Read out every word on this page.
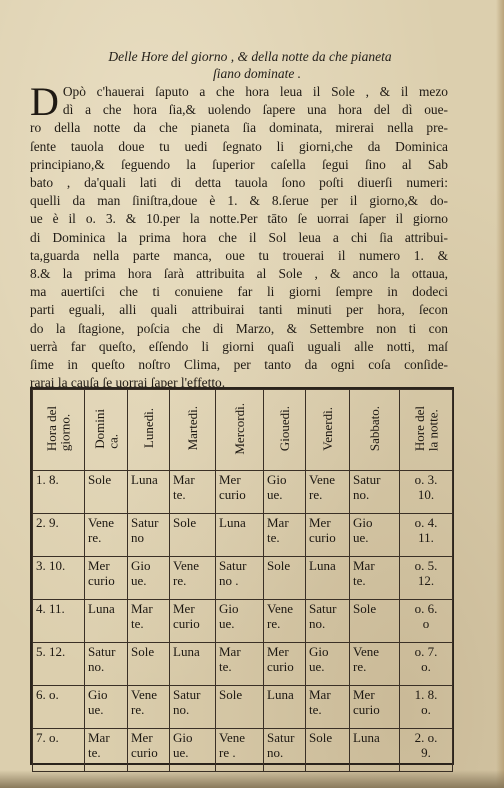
Delle Hore del giorno , & della notte da che pianeta

ſiano dominate .
D Opò c'hauerai ſaputo a che hora leua il Sole , & il mezo
dì a che hora ſia,& uolendo ſapere una hora del dì oue-
ro della notte da che pianeta ſia dominata, mirerai nella pre-
ſente tauola doue tu uedi ſegnato li giorni,che da Dominica
principiano,& ſeguendo la ſuperior caſella ſegui ſino al Sab
bato , da'quali lati di detta tauola ſono poſti diuerſi numeri:
quelli da man ſiniſtra,doue è 1. & 8.ſerue per il giorno,& do-
ue è il o. 3. & 10.per la notte.Per tāto ſe uorrai ſaper il giorno
di Dominica la prima hora che il Sol leua a chi ſia attribui-
ta,guarda nella parte manca, oue tu trouerai il numero 1. &
8.& la prima hora ſarà attribuita al Sole , & anco la ottaua,
ma auertiſci che ti conuiene far li giorni ſempre in dodeci
parti eguali, alli quali attribuirai tanti minuti per hora, ſecon
do la ſtagione, poſcia che di Marzo, & Settembre non ti con
uerrà far queſto, eſſendo li giorni quaſi uguali alle notti, maſ
ſime in queſto noſtro Clima, per tanto da ogni coſa conſide-
rarai la cauſa ſe uorrai ſaper l'effetto.
Hora del
giorno.	Domini
ca.	Lunedì.	Martedì.	Mercordì.	Giouedì.	Venerdì.	Sabbato.	Hore del
la notte.
1. 8.	Sole	Luna	Mar
te.	Mer
curio	Gio
ue.	Vene
re.	Satur
no.	o. 3.
10.
2. 9.	Vene
re.	Satur
no	Sole	Luna	Mar
te.	Mer
curio	Gio
ue.	o. 4.
11.
3. 10.	Mer
curio	Gio
ue.	Vene
re.	Satur
no .	Sole	Luna	Mar
te.	o. 5.
12.
4. 11.	Luna	Mar
te.	Mer
curio	Gio
ue.	Vene
re.	Satur
no.	Sole	o. 6.
o
5. 12.	Satur
no.	Sole	Luna	Mar
te.	Mer
curio	Gio
ue.	Vene
re.	o. 7.
o.
6. o.	Gio
ue.	Vene
re.	Satur
no.	Sole	Luna	Mar
te.	Mer
curio	1. 8.
o.
7. o.	Mar
te.	Mer
curio	Gio
ue.	Vene
re .	Satur
no.	Sole	Luna	2. o.
9.
